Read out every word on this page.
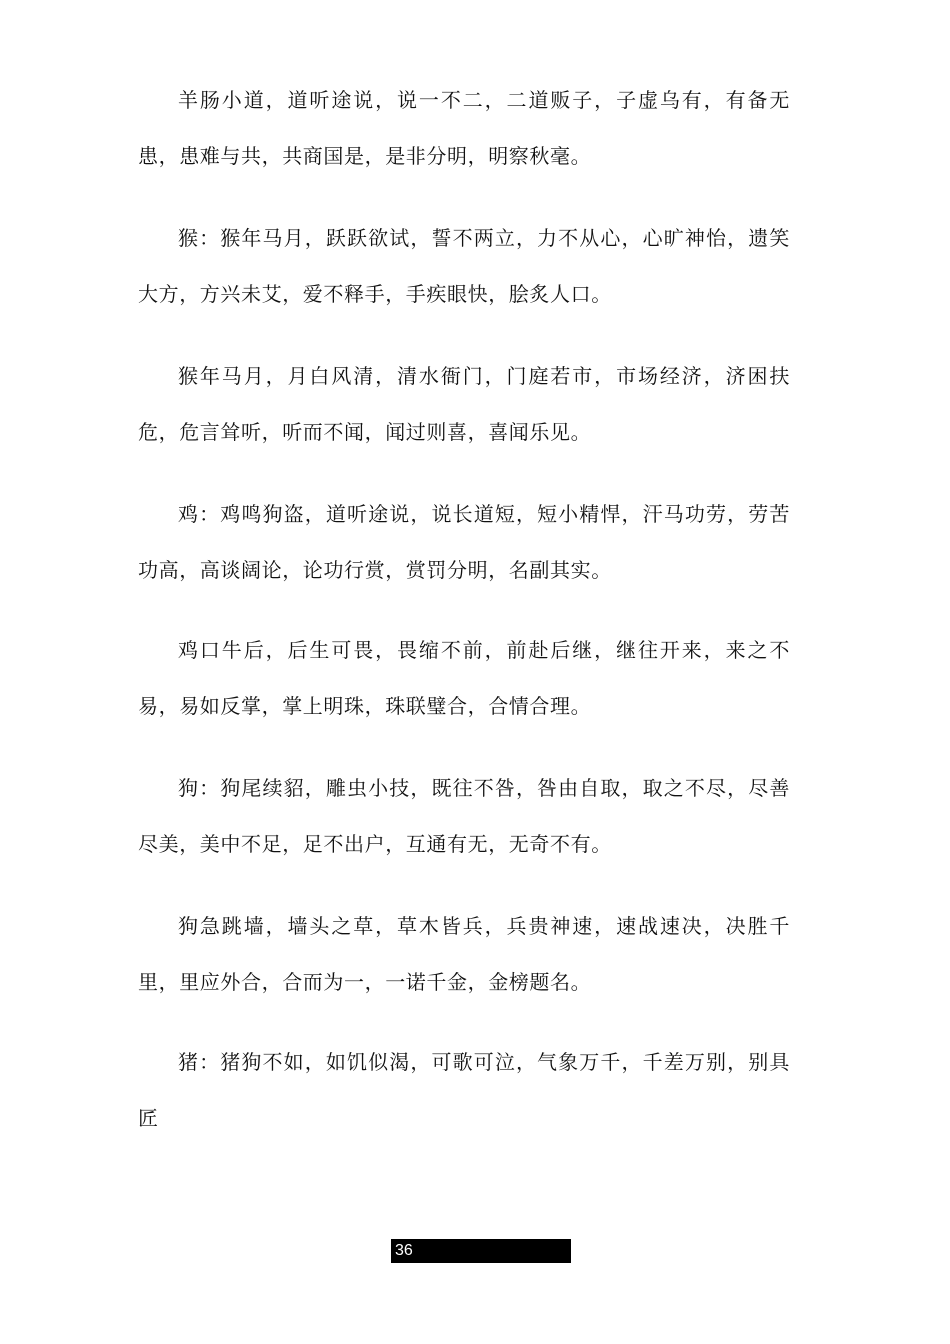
羊肠小道，道听途说，说一不二，二道贩子，子虚乌有，有备无患，患难与共，共商国是，是非分明，明察秋毫。

猴：猴年马月，跃跃欲试，誓不两立，力不从心，心旷神怡，遗笑大方，方兴未艾，爱不释手，手疾眼快，脍炙人口。

猴年马月，月白风清，清水衙门，门庭若市，市场经济，济困扶危，危言耸听，听而不闻，闻过则喜，喜闻乐见。

鸡：鸡鸣狗盗，道听途说，说长道短，短小精悍，汗马功劳，劳苦功高，高谈阔论，论功行赏，赏罚分明，名副其实。

鸡口牛后，后生可畏，畏缩不前，前赴后继，继往开来，来之不易，易如反掌，掌上明珠，珠联璧合，合情合理。

狗：狗尾续貂，雕虫小技，既往不咎，咎由自取，取之不尽，尽善尽美，美中不足，足不出户，互通有无，无奇不有。

狗急跳墙，墙头之草，草木皆兵，兵贵神速，速战速决，决胜千里，里应外合，合而为一，一诺千金，金榜题名。

猪：猪狗不如，如饥似渴，可歌可泣，气象万千，千差万别，别具匠

36
